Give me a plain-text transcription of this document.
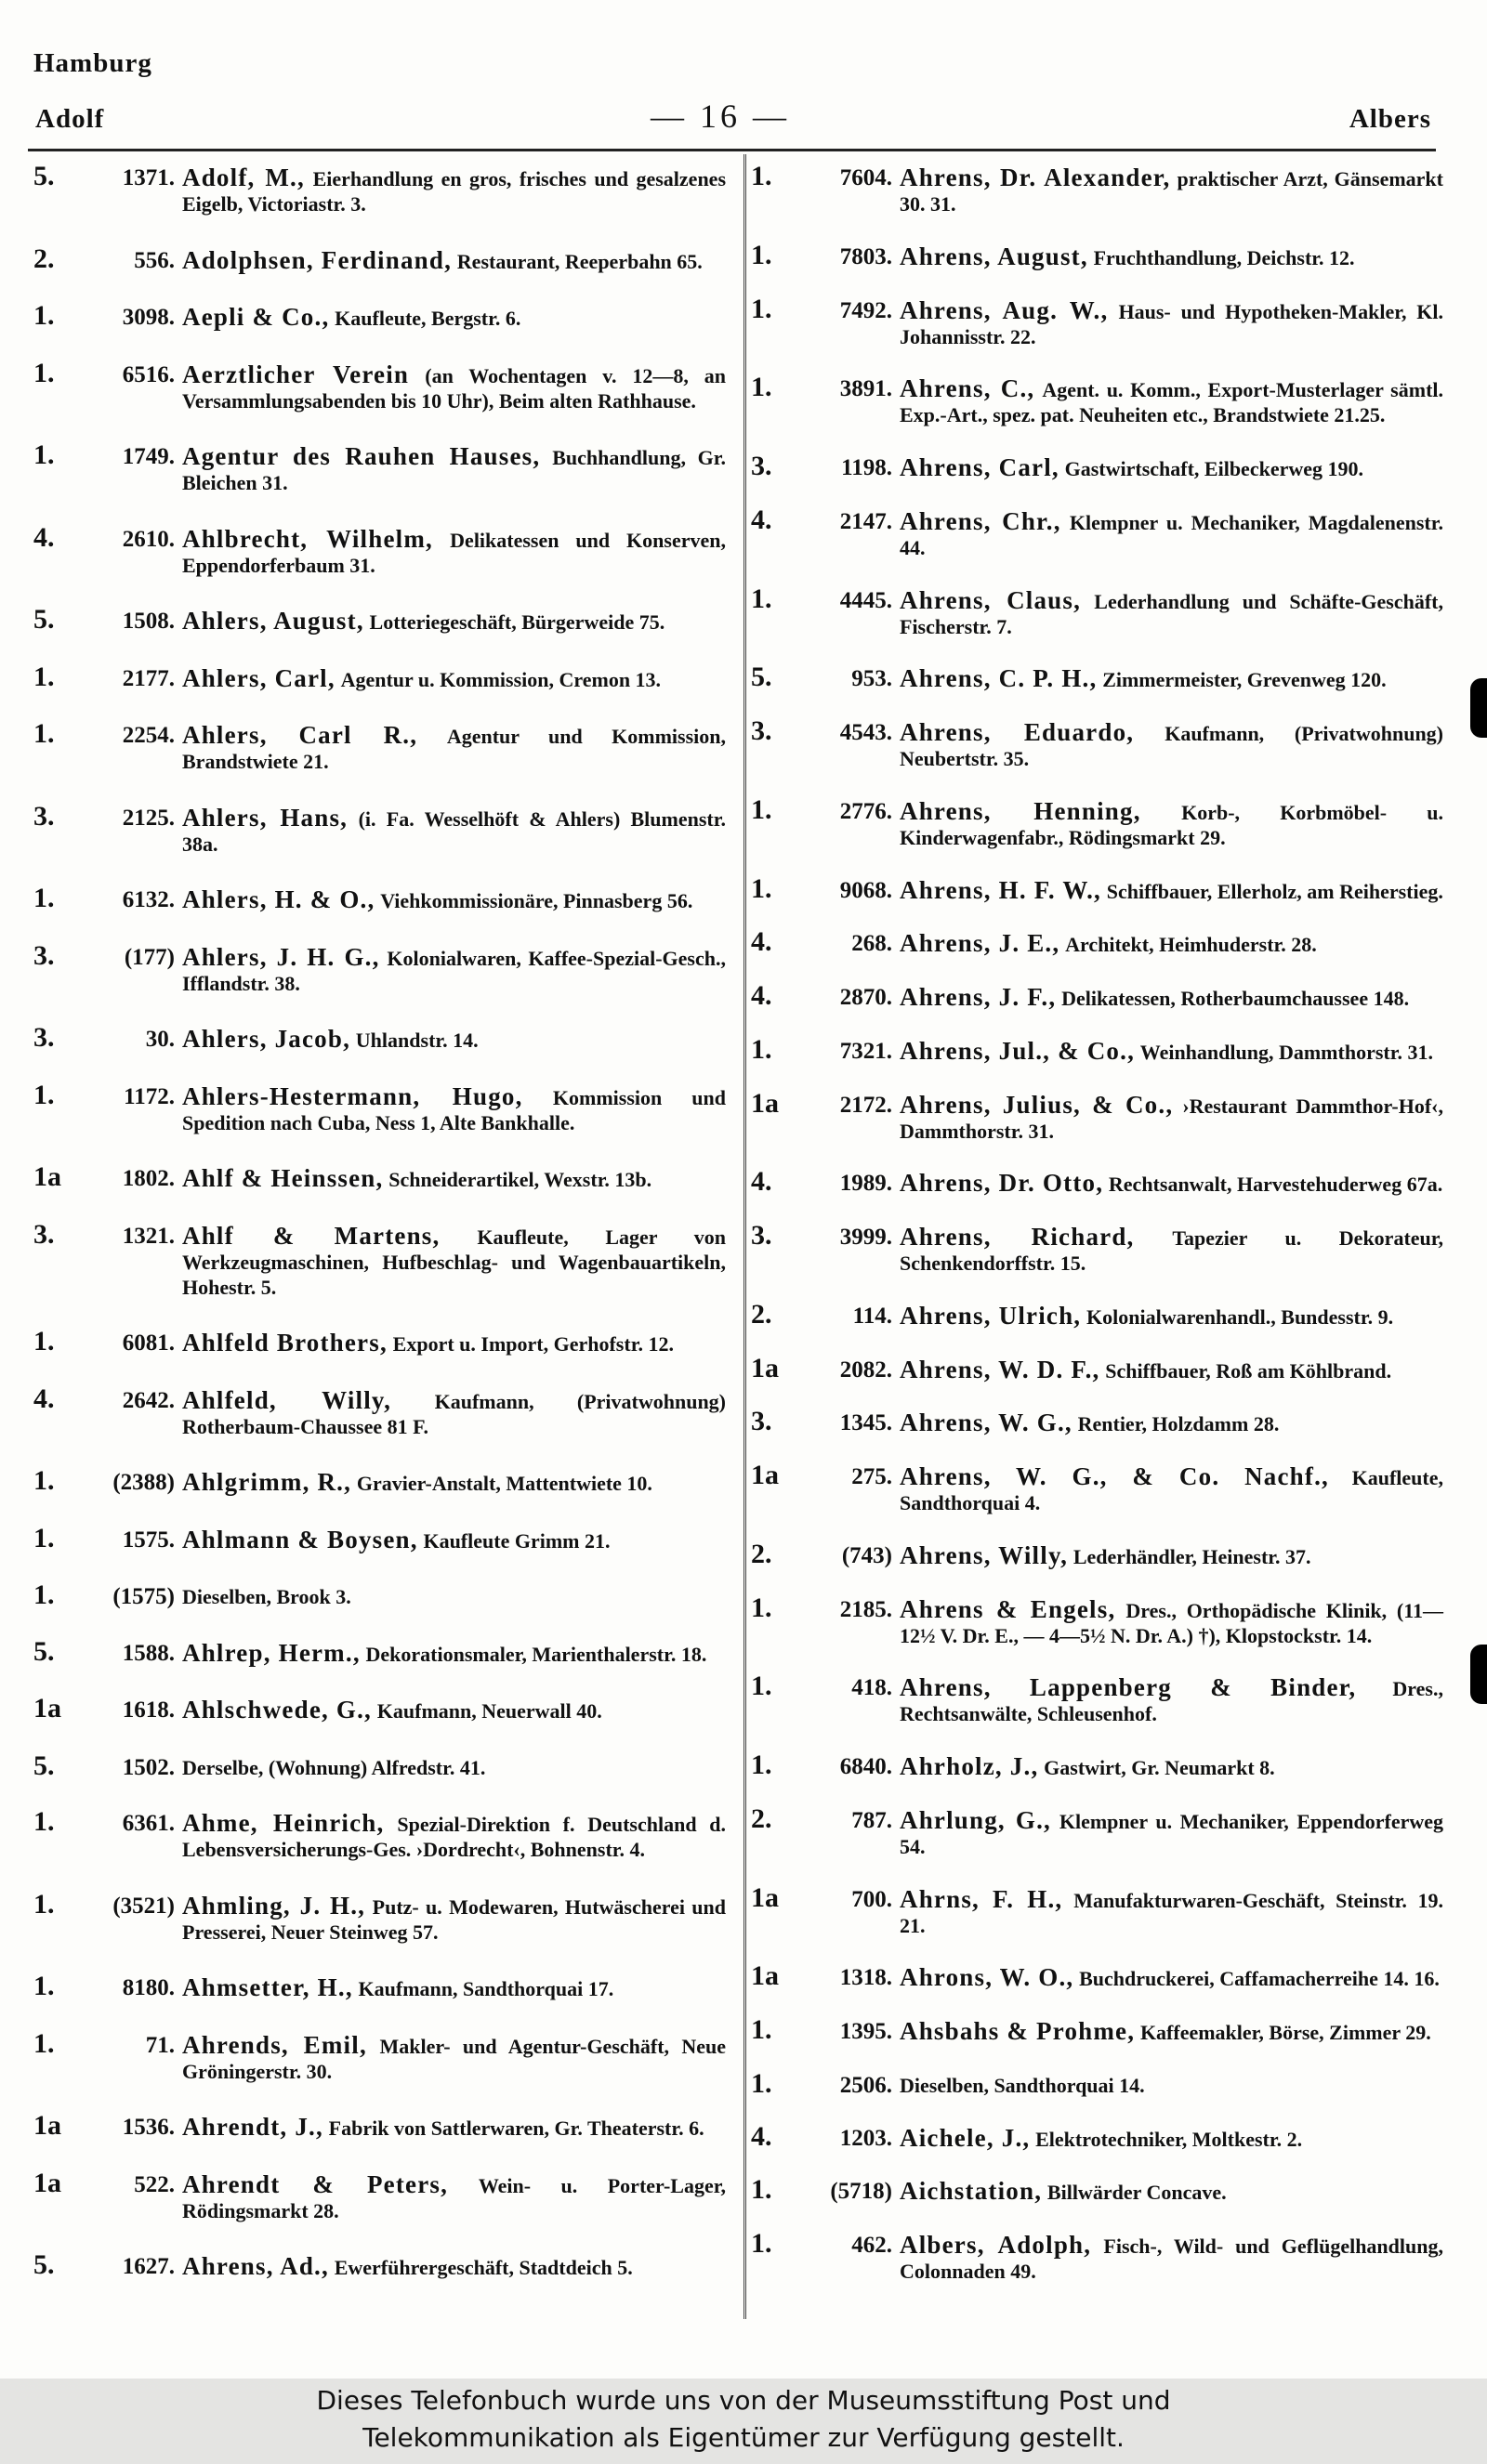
Hamburg
Adolf	— 16 —	Albers
5.	1371. Adolf, M., Eierhandlung en gros, frisches und gesalzenes Eigelb, Victoriastr. 3.
2.	556. Adolphsen, Ferdinand, Restaurant, Reeperbahn 65.
1.	3098. Aepli & Co., Kaufleute, Bergstr. 6.
1.	6516. Aerztlicher Verein (an Wochentagen v. 12—8, an Versammlungsabenden bis 10 Uhr), Beim alten Rathhause.
1.	1749. Agentur des Rauhen Hauses, Buchhandlung, Gr. Bleichen 31.
4.	2610. Ahlbrecht, Wilhelm, Delikatessen und Konserven, Eppendorferbaum 31.
5.	1508. Ahlers, August, Lotteriegeschäft, Bürgerweide 75.
1.	2177. Ahlers, Carl, Agentur u. Kommission, Cremon 13.
1.	2254. Ahlers, Carl R., Agentur und Kommission, Brandstwiete 21.
3.	2125. Ahlers, Hans, (i. Fa. Wesselhöft & Ahlers) Blumenstr. 38a.
1.	6132. Ahlers, H. & O., Viehkommissionäre, Pinnasberg 56.
3.	(177) Ahlers, J. H. G., Kolonialwaren, Kaffee-Spezial-Gesch., Ifflandstr. 38.
3.	30. Ahlers, Jacob, Uhlandstr. 14.
1.	1172. Ahlers-Hestermann, Hugo, Kommission und Spedition nach Cuba, Ness 1, Alte Bankhalle.
1a	1802. Ahlf & Heinssen, Schneiderartikel, Wexstr. 13b.
3.	1321. Ahlf & Martens, Kaufleute, Lager von Werkzeugmaschinen, Hufbeschlag- und Wagenbauartikeln, Hohestr. 5.
1.	6081. Ahlfeld Brothers, Export u. Import, Gerhofstr. 12.
4.	2642. Ahlfeld, Willy, Kaufmann, (Privatwohnung) Rotherbaum-Chaussee 81 F.
1.	(2388) Ahlgrimm, R., Gravier-Anstalt, Mattentwiete 10.
1.	1575. Ahlmann & Boysen, Kaufleute Grimm 21.
1.	(1575) Dieselben, Brook 3.
5.	1588. Ahlrep, Herm., Dekorationsmaler, Marienthalerstr. 18.
1a	1618. Ahlschwede, G., Kaufmann, Neuerwall 40.
5.	1502. Derselbe, (Wohnung) Alfredstr. 41.
1.	6361. Ahme, Heinrich, Spezial-Direktion f. Deutschland d. Lebensversicherungs-Ges. ›Dordrecht‹, Bohnenstr. 4.
1.	(3521) Ahmling, J. H., Putz- u. Modewaren, Hutwäscherei und Presserei, Neuer Steinweg 57.
1.	8180. Ahmsetter, H., Kaufmann, Sandthorquai 17.
1.	71. Ahrends, Emil, Makler- und Agentur-Geschäft, Neue Gröningerstr. 30.
1a	1536. Ahrendt, J., Fabrik von Sattlerwaren, Gr. Theaterstr. 6.
1a	522. Ahrendt & Peters, Wein- u. Porter-Lager, Rödingsmarkt 28.
5.	1627. Ahrens, Ad., Ewerführergeschäft, Stadtdeich 5.
1.	7604. Ahrens, Dr. Alexander, praktischer Arzt, Gänsemarkt 30. 31.
1.	7803. Ahrens, August, Fruchthandlung, Deichstr. 12.
1.	7492. Ahrens, Aug. W., Haus- und Hypotheken-Makler, Kl. Johannisstr. 22.
1.	3891. Ahrens, C., Agent. u. Komm., Export-Musterlager sämtl. Exp.-Art., spez. pat. Neuheiten etc., Brandstwiete 21.25.
3.	1198. Ahrens, Carl, Gastwirtschaft, Eilbeckerweg 190.
4.	2147. Ahrens, Chr., Klempner u. Mechaniker, Magdalenenstr. 44.
1.	4445. Ahrens, Claus, Lederhandlung und Schäfte-Geschäft, Fischerstr. 7.
5.	953. Ahrens, C. P. H., Zimmermeister, Grevenweg 120.
3.	4543. Ahrens, Eduardo, Kaufmann, (Privatwohnung) Neubertstr. 35.
1.	2776. Ahrens, Henning, Korb-, Korbmöbel- u. Kinderwagenfabr., Rödingsmarkt 29.
1.	9068. Ahrens, H. F. W., Schiffbauer, Ellerholz, am Reiherstieg.
4.	268. Ahrens, J. E., Architekt, Heimhuderstr. 28.
4.	2870. Ahrens, J. F., Delikatessen, Rotherbaumchaussee 148.
1.	7321. Ahrens, Jul., & Co., Weinhandlung, Dammthorstr. 31.
1a	2172. Ahrens, Julius, & Co., ›Restaurant Dammthor-Hof‹, Dammthorstr. 31.
4.	1989. Ahrens, Dr. Otto, Rechtsanwalt, Harvestehuderweg 67a.
3.	3999. Ahrens, Richard, Tapezier u. Dekorateur, Schenkendorffstr. 15.
2.	114. Ahrens, Ulrich, Kolonialwarenhandl., Bundesstr. 9.
1a	2082. Ahrens, W. D. F., Schiffbauer, Roß am Köhlbrand.
3.	1345. Ahrens, W. G., Rentier, Holzdamm 28.
1a	275. Ahrens, W. G., & Co. Nachf., Kaufleute, Sandthorquai 4.
2.	(743) Ahrens, Willy, Lederhändler, Heinestr. 37.
1.	2185. Ahrens & Engels, Dres., Orthopädische Klinik, (11—12½ V. Dr. E., — 4—5½ N. Dr. A.) †), Klopstockstr. 14.
1.	418. Ahrens, Lappenberg & Binder, Dres., Rechtsanwälte, Schleusenhof.
1.	6840. Ahrholz, J., Gastwirt, Gr. Neumarkt 8.
2.	787. Ahrlung, G., Klempner u. Mechaniker, Eppendorferweg 54.
1a	700. Ahrns, F. H., Manufakturwaren-Geschäft, Steinstr. 19. 21.
1a	1318. Ahrons, W. O., Buchdruckerei, Caffamacherreihe 14. 16.
1.	1395. Ahsbahs & Prohme, Kaffeemakler, Börse, Zimmer 29.
1.	2506. Dieselben, Sandthorquai 14.
4.	1203. Aichele, J., Elektrotechniker, Moltkestr. 2.
1.	(5718) Aichstation, Billwärder Concave.
1.	462. Albers, Adolph, Fisch-, Wild- und Geflügelhandlung, Colonnaden 49.
Dieses Telefonbuch wurde uns von der Museumsstiftung Post und
Telekommunikation als Eigentümer zur Verfügung gestellt.
